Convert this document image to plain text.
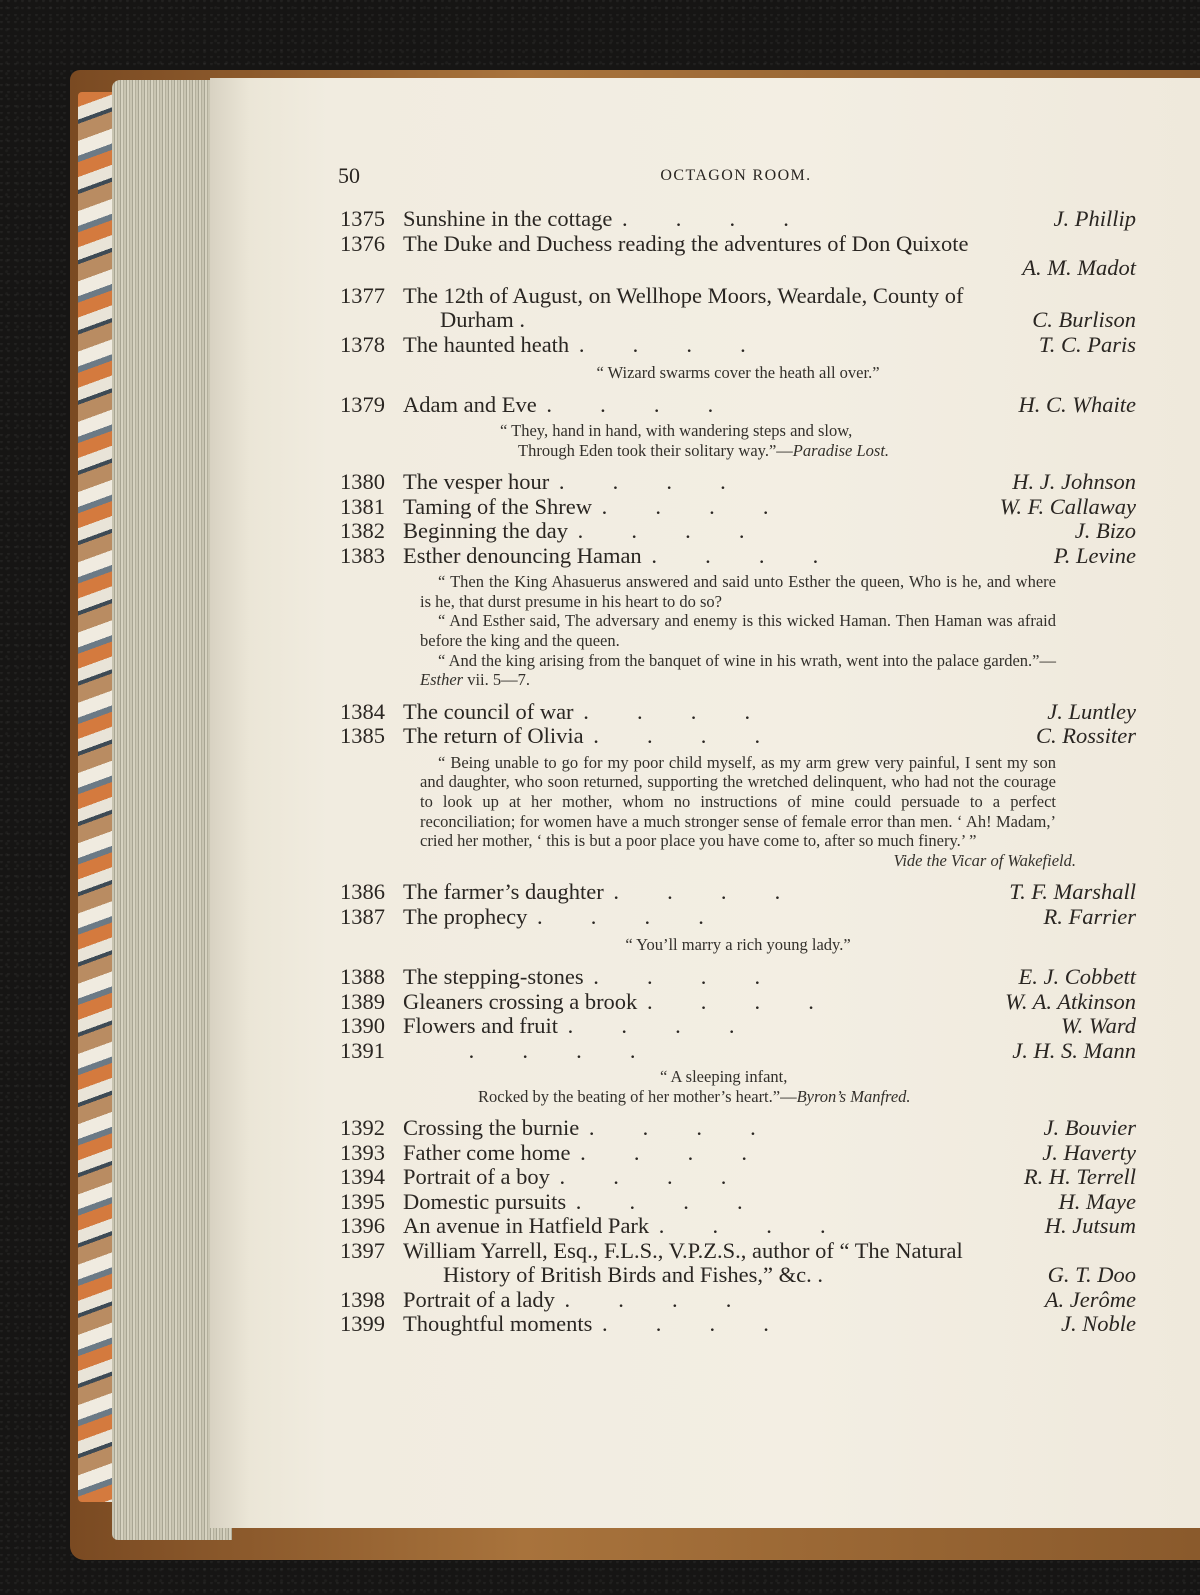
50	OCTAGON ROOM.
1375 Sunshine in the cottage .	J. Phillip
1376 The Duke and Duchess reading the adventures of Don Quixote
A. M. Madot
1377 The 12th of August, on Wellhope Moors, Weardale, County of
Durham .	C. Burlison
1378 The haunted heath .	T. C. Paris
“ Wizard swarms cover the heath all over.”
1379 Adam and Eve .	H. C. Whaite

“ They, hand in hand, with wandering steps and slow,

Through Eden took their solitary way.”—Paradise Lost.

1380 The vesper hour .	H. J. Johnson
1381 Taming of the Shrew .	W. F. Callaway
1382 Beginning the day .	J. Bizo
1383 Esther denouncing Haman .	P. Levine

“ Then the King Ahasuerus answered and said unto Esther the queen, Who is he, and where is he, that durst presume in his heart to do so?

“ And Esther said, The adversary and enemy is this wicked Haman. Then Haman was afraid before the king and the queen.

“ And the king arising from the banquet of wine in his wrath, went into the palace garden.”—Esther vii. 5—7.

1384 The council of war .	J. Luntley
1385 The return of Olivia .	C. Rossiter

“ Being unable to go for my poor child myself, as my arm grew very painful, I sent my son and daughter, who soon returned, supporting the wretched delinquent, who had not the courage to look up at her mother, whom no instructions of mine could persuade to a perfect reconciliation; for women have a much stronger sense of female error than men. ‘ Ah! Madam,’ cried her mother, ‘ this is but a poor place you have come to, after so much finery.’ ”

Vide the Vicar of Wakefield.

1386 The farmer’s daughter .	T. F. Marshall
1387 The prophecy .	R. Farrier
“ You’ll marry a rich young lady.”
1388 The stepping-stones .	E. J. Cobbett
1389 Gleaners crossing a brook .	W. A. Atkinson
1390 Flowers and fruit .	W. Ward
1391
.	J. H. S. Mann

“ A sleeping infant,

Rocked by the beating of her mother’s heart.”—Byron’s Manfred.

1392 Crossing the burnie .	J. Bouvier
1393 Father come home .	J. Haverty
1394 Portrait of a boy .	R. H. Terrell
1395 Domestic pursuits .	H. Maye
1396 An avenue in Hatfield Park .	H. Jutsum
1397 William Yarrell, Esq., F.L.S., V.P.Z.S., author of “ The Natural
History of British Birds and Fishes,” &c. .	G. T. Doo
1398 Portrait of a lady .	A. Jerôme
1399 Thoughtful moments .	J. Noble
